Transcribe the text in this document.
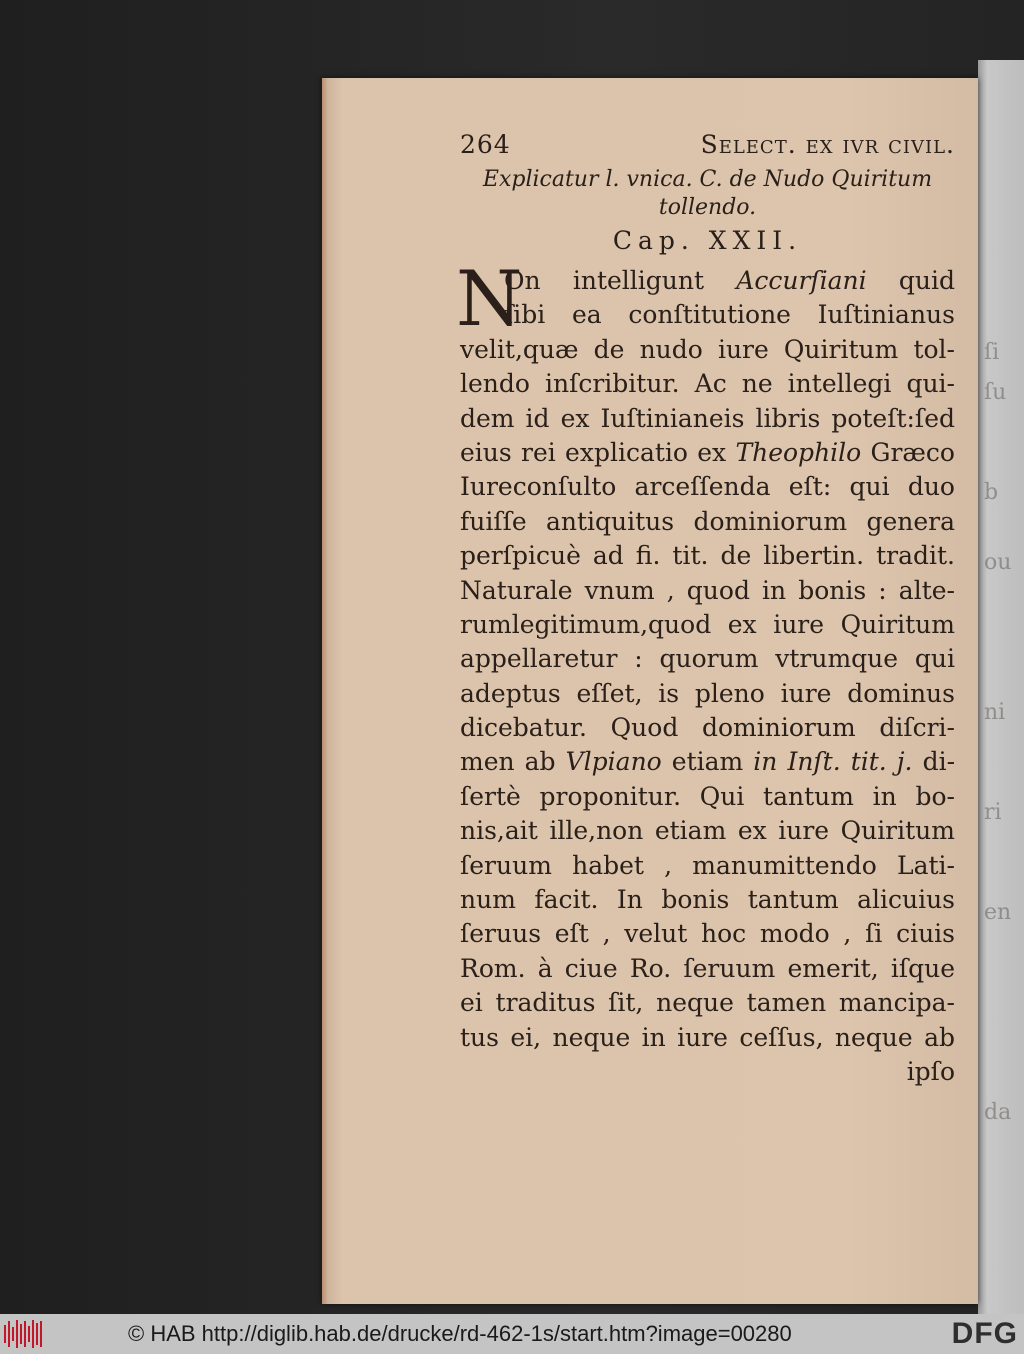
ſi
ſu
b
ou
ni
ri
en
da
264	Select. ex ivr civil.
Explicatur l. vnica. C. de Nudo Quiritum
tollendo.
Cap. XXII.
N
On intelligunt Accurſiani quid
ſibi ea conſtitutione Iuſtinianus
velit,quæ de nudo iure Quiritum tol-
lendo inſcribitur. Ac ne intellegi qui-
dem id ex Iuſtinianeis libris poteſt:ſed
eius rei explicatio ex Theophilo Græco
Iureconſulto arceſſenda eſt: qui duo
fuiſſe antiquitus dominiorum genera
perſpicuè ad fi. tit. de libertin. tradit.
Naturale vnum , quod in bonis : alte-
rumlegitimum,quod ex iure Quiritum
appellaretur : quorum vtrumque qui
adeptus eſſet, is pleno iure dominus
dicebatur. Quod dominiorum diſcri-
men ab Vlpiano etiam in Inſt. tit. j. di-
ſertè proponitur. Qui tantum in bo-
nis,ait ille,non etiam ex iure Quiritum
ſeruum habet , manumittendo Lati-
num facit. In bonis tantum alicuius
ſeruus eſt , velut hoc modo , ſi ciuis
Rom. à ciue Ro. ſeruum emerit, iſque
ei traditus ſit, neque tamen mancipa-
tus ei, neque in iure ceſſus, neque ab
ipſo
© HAB http://diglib.hab.de/drucke/rd-462-1s/start.htm?image=00280	DFG
